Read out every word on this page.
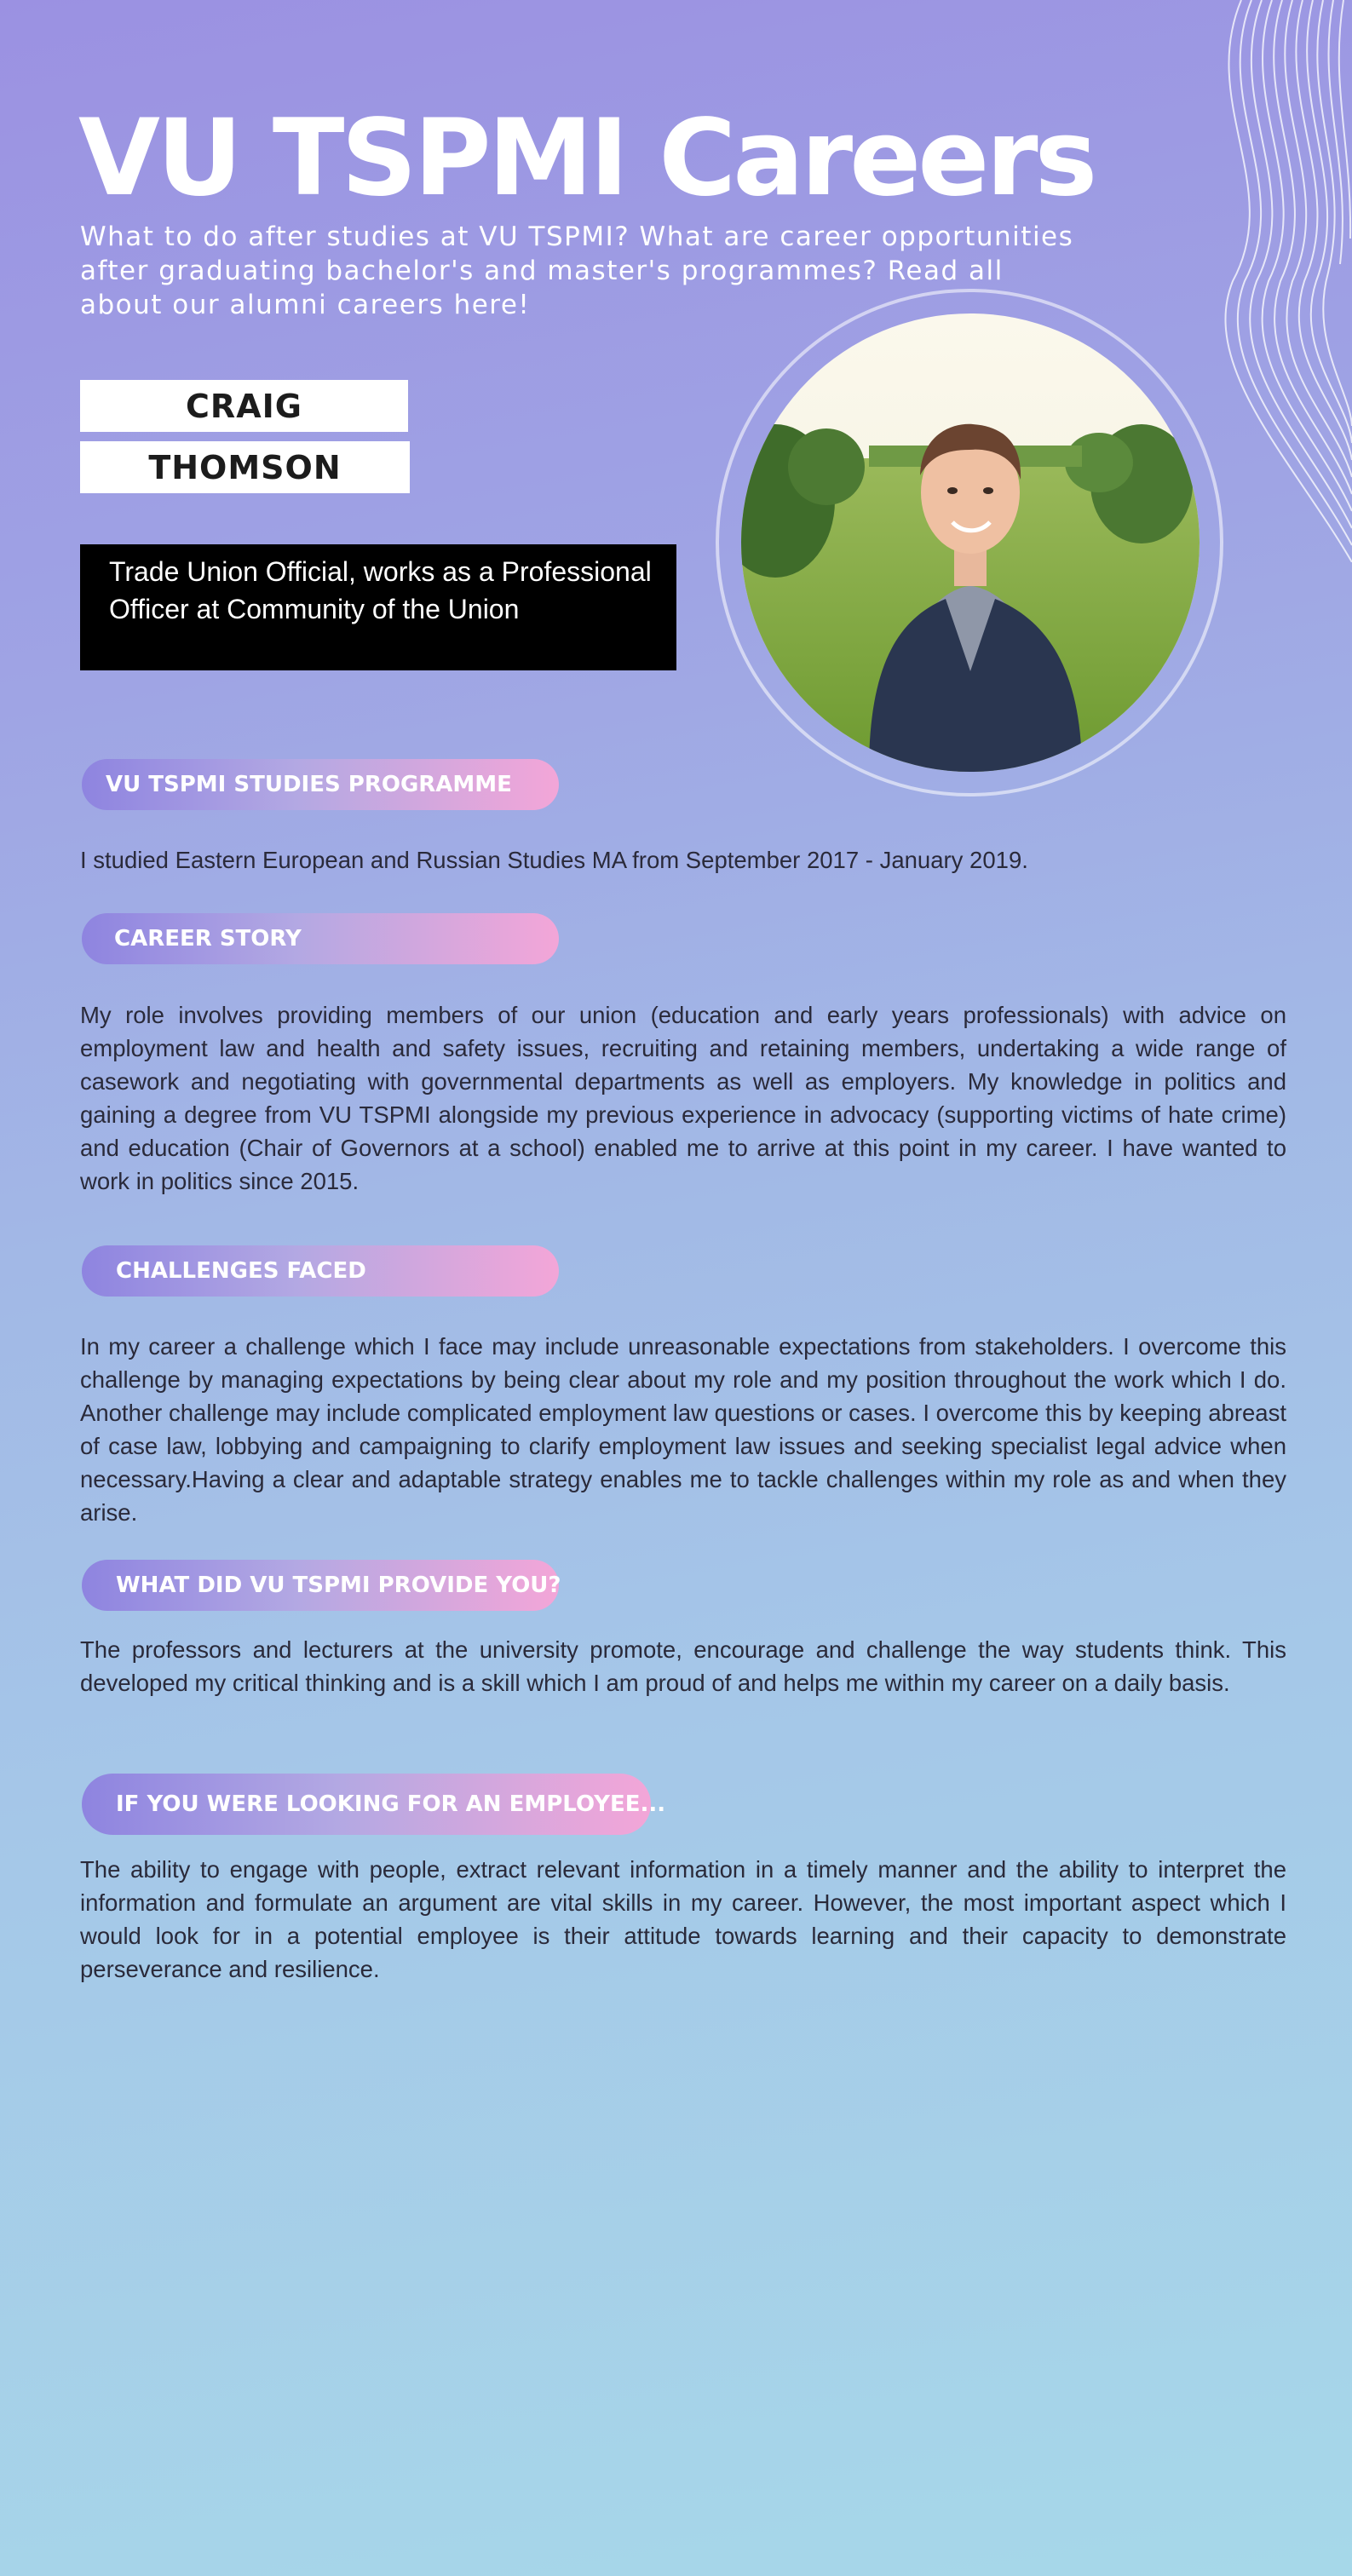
VU TSPMI Careers

What to do after studies at VU TSPMI? What are career opportunities after graduating bachelor's and master's programmes? Read all about our alumni careers here!

CRAIG
THOMSON
Trade Union Official, works as a Professional Officer at Community of the Union
VU TSPMI STUDIES PROGRAMME

I studied Eastern European and Russian Studies MA from September 2017 - January 2019.

CAREER STORY

My role involves providing members of our union (education and early years professionals) with advice on employment law and health and safety issues, recruiting and retaining members, undertaking a wide range of casework and negotiating with governmental departments as well as employers. My knowledge in politics and gaining a degree from VU TSPMI alongside my previous experience in advocacy (supporting victims of hate crime) and education (Chair of Governors at a school) enabled me to arrive at this point in my career. I have wanted to work in politics since 2015.

CHALLENGES FACED

In my career a challenge which I face may include unreasonable expectations from stakeholders. I overcome this challenge by managing expectations by being clear about my role and my position throughout the work which I do. Another challenge may include complicated employment law questions or cases. I overcome this by keeping abreast of case law, lobbying and campaigning to clarify employment law issues and seeking specialist legal advice when necessary.Having a clear and adaptable strategy enables me to tackle challenges within my role as and when they arise.

WHAT DID VU TSPMI PROVIDE YOU?

The professors and lecturers at the university promote, encourage and challenge the way students think. This developed my critical thinking and is a skill which I am proud of and helps me within my career on a daily basis.

IF YOU WERE LOOKING FOR AN EMPLOYEE...

The ability to engage with people, extract relevant information in a timely manner and the ability to interpret the information and formulate an argument are vital skills in my career. However, the most important aspect which I would look for in a potential employee is their attitude towards learning and their capacity to demonstrate perseverance and resilience.
